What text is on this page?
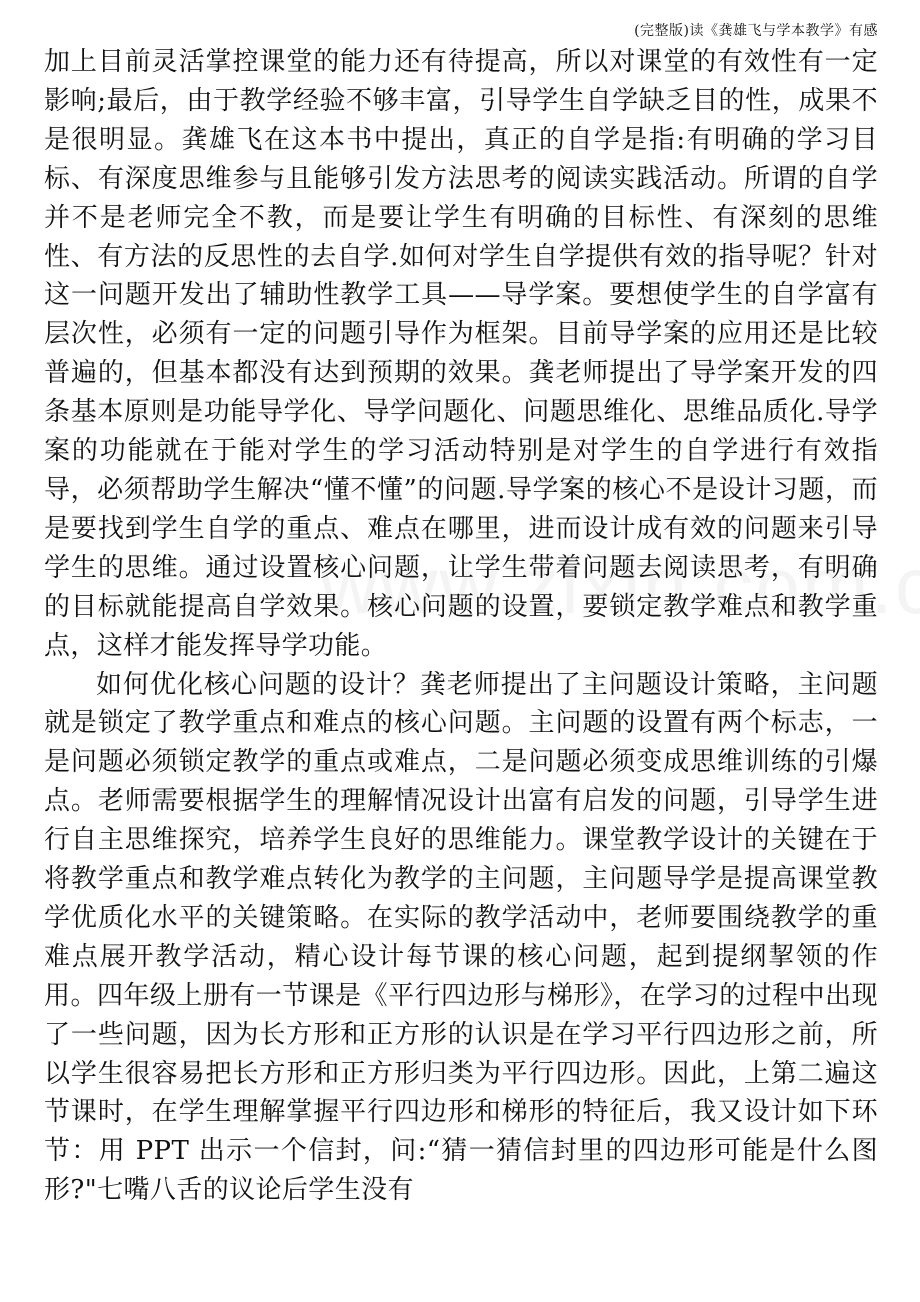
(完整版)读《龚雄飞与学本教学》有感

加上目前灵活掌控课堂的能力还有待提高，所以对课堂的有效性有一定影响;最后，由于教学经验不够丰富，引导学生自学缺乏目的性，成果不是很明显。龚雄飞在这本书中提出，真正的自学是指:有明确的学习目标、有深度思维参与且能够引发方法思考的阅读实践活动。所谓的自学并不是老师完全不教，而是要让学生有明确的目标性、有深刻的思维性、有方法的反思性的去自学.如何对学生自学提供有效的指导呢？针对这一问题开发出了辅助性教学工具——导学案。要想使学生的自学富有层次性，必须有一定的问题引导作为框架。目前导学案的应用还是比较普遍的，但基本都没有达到预期的效果。龚老师提出了导学案开发的四条基本原则是功能导学化、导学问题化、问题思维化、思维品质化.导学案的功能就在于能对学生的学习活动特别是对学生的自学进行有效指导，必须帮助学生解决“懂不懂”的问题.导学案的核心不是设计习题，而是要找到学生自学的重点、难点在哪里，进而设计成有效的问题来引导学生的思维。通过设置核心问题，让学生带着问题去阅读思考，有明确的目标就能提高自学效果。核心问题的设置，要锁定教学难点和教学重点，这样才能发挥导学功能。

如何优化核心问题的设计？龚老师提出了主问题设计策略，主问题就是锁定了教学重点和难点的核心问题。主问题的设置有两个标志，一是问题必须锁定教学的重点或难点，二是问题必须变成思维训练的引爆点。老师需要根据学生的理解情况设计出富有启发的问题，引导学生进行自主思维探究，培养学生良好的思维能力。课堂教学设计的关键在于将教学重点和教学难点转化为教学的主问题，主问题导学是提高课堂教学优质化水平的关键策略。在实际的教学活动中，老师要围绕教学的重难点展开教学活动，精心设计每节课的核心问题，起到提纲挈领的作用。四年级上册有一节课是《平行四边形与梯形》，在学习的过程中出现了一些问题，因为长方形和正方形的认识是在学习平行四边形之前，所以学生很容易把长方形和正方形归类为平行四边形。因此，上第二遍这节课时，在学生理解掌握平行四边形和梯形的特征后，我又设计如下环节：用 PPT 出示一个信封，问:“猜一猜信封里的四边形可能是什么图形?"七嘴八舌的议论后学生没有
